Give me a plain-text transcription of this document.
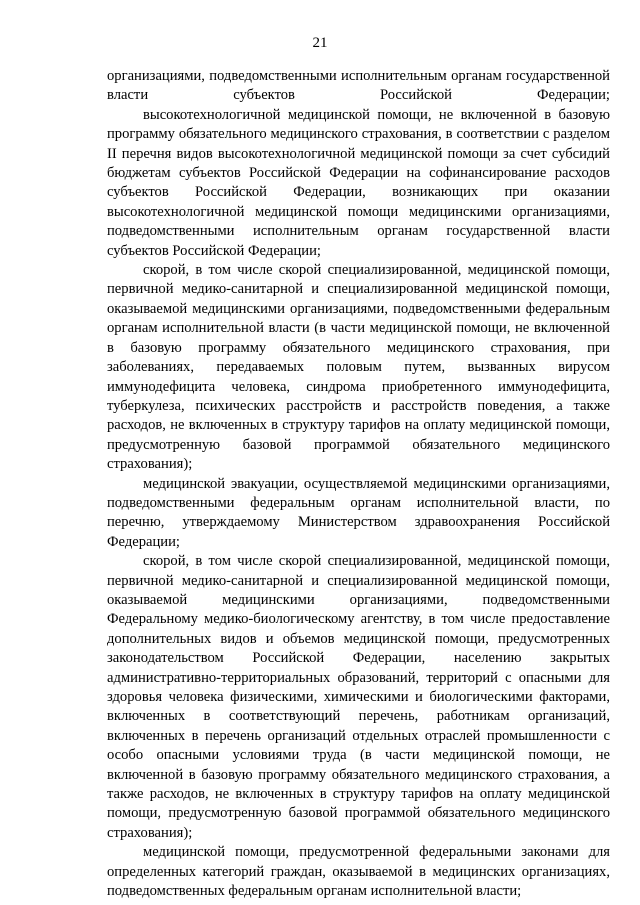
21

организациями, подведомственными исполнительным органам государственной власти субъектов Российской Федерации;

высокотехнологичной медицинской помощи, не включенной в базовую программу обязательного медицинского страхования, в соответствии с разделом II перечня видов высокотехнологичной медицинской помощи за счет субсидий бюджетам субъектов Российской Федерации на софинансирование расходов субъектов Российской Федерации, возникающих при оказании высокотехнологичной медицинской помощи медицинскими организациями, подведомственными исполнительным органам государственной власти субъектов Российской Федерации;

скорой, в том числе скорой специализированной, медицинской помощи, первичной медико-санитарной и специализированной медицинской помощи, оказываемой медицинскими организациями, подведомственными федеральным органам исполнительной власти (в части медицинской помощи, не включенной в базовую программу обязательного медицинского страхования, при заболеваниях, передаваемых половым путем, вызванных вирусом иммунодефицита человека, синдрома приобретенного иммунодефицита, туберкулеза, психических расстройств и расстройств поведения, а также расходов, не включенных в структуру тарифов на оплату медицинской помощи, предусмотренную базовой программой обязательного медицинского страхования);

медицинской эвакуации, осуществляемой медицинскими организациями, подведомственными федеральным органам исполнительной власти, по перечню, утверждаемому Министерством здравоохранения Российской Федерации;

скорой, в том числе скорой специализированной, медицинской помощи, первичной медико-санитарной и специализированной медицинской помощи, оказываемой медицинскими организациями, подведомственными Федеральному медико-биологическому агентству, в том числе предоставление дополнительных видов и объемов медицинской помощи, предусмотренных законодательством Российской Федерации, населению закрытых административно-территориальных образований, территорий с опасными для здоровья человека физическими, химическими и биологическими факторами, включенных в соответствующий перечень, работникам организаций, включенных в перечень организаций отдельных отраслей промышленности с особо опасными условиями труда (в части медицинской помощи, не включенной в базовую программу обязательного медицинского страхования, а также расходов, не включенных в структуру тарифов на оплату медицинской помощи, предусмотренную базовой программой обязательного медицинского страхования);

медицинской помощи, предусмотренной федеральными законами для определенных категорий граждан, оказываемой в медицинских организациях, подведомственных федеральным органам исполнительной власти;
